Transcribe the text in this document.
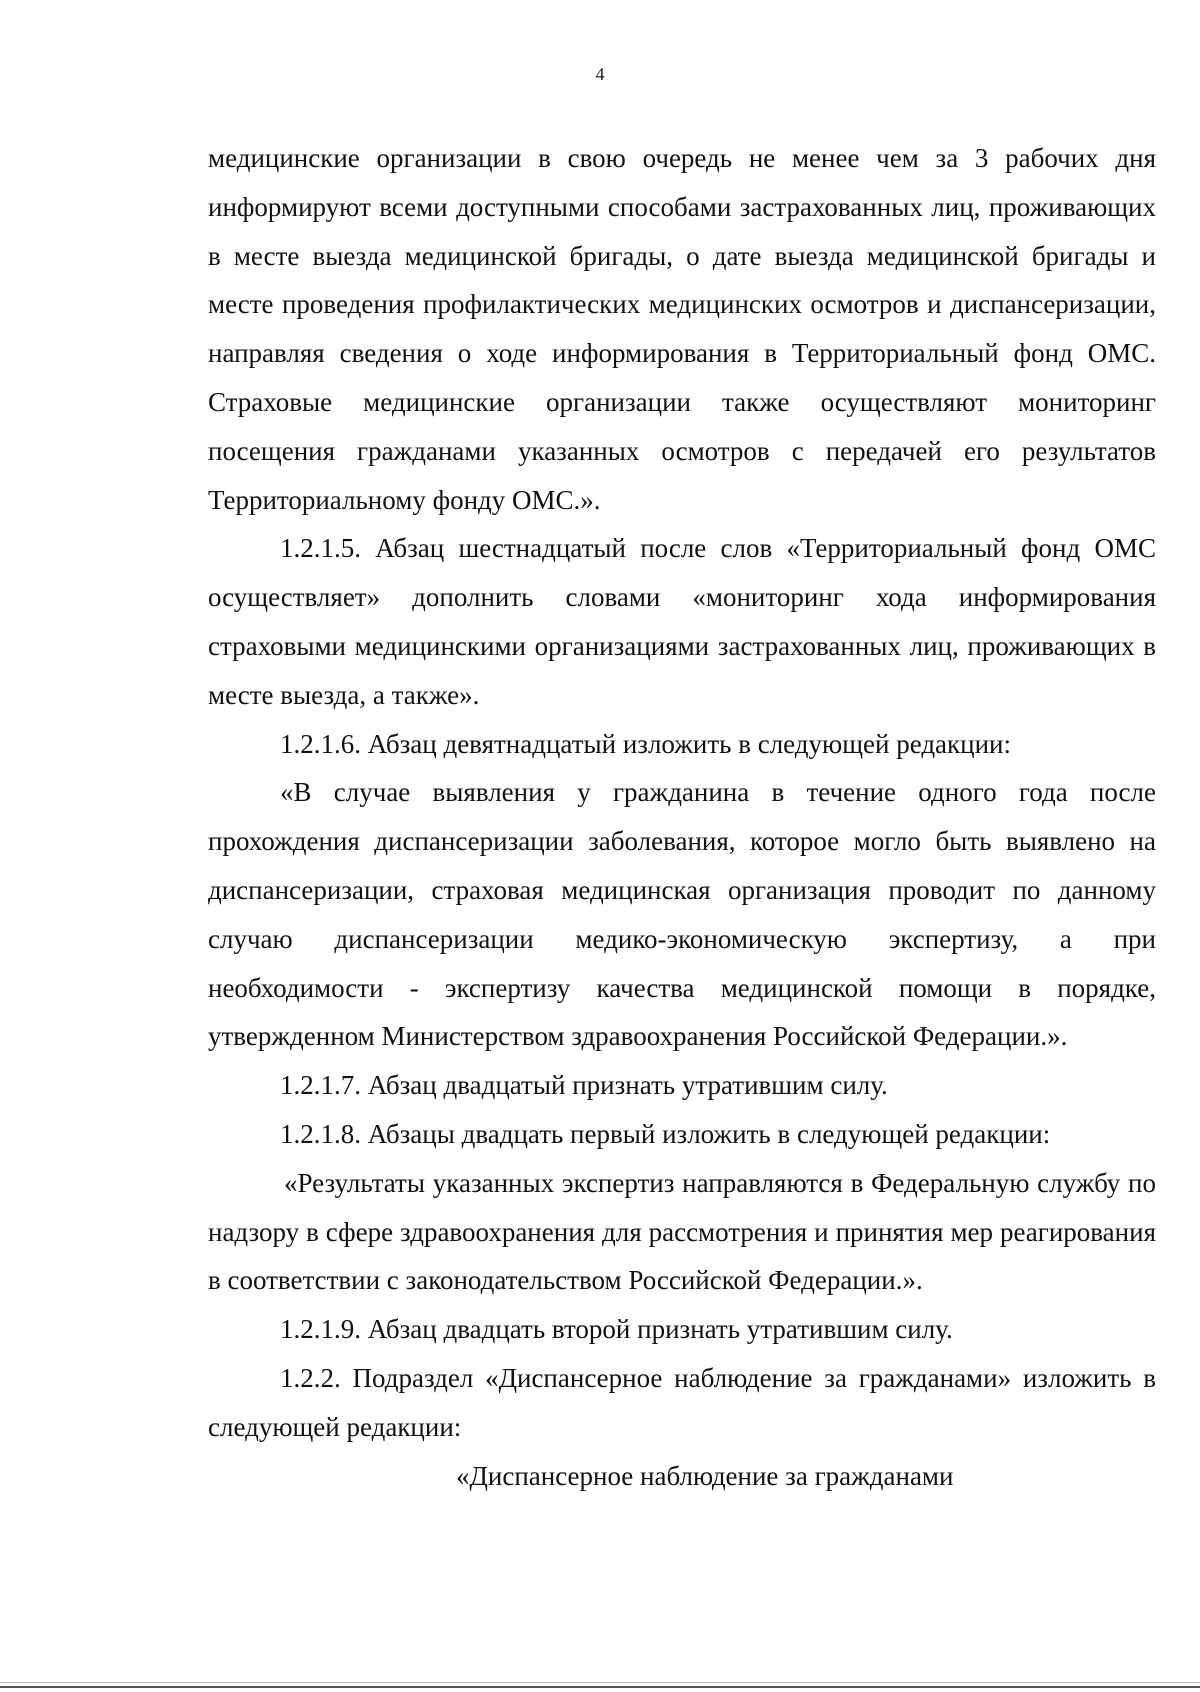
4

медицинские организации в свою очередь не менее чем за 3 рабочих дня информируют всеми доступными способами застрахованных лиц, проживающих в месте выезда медицинской бригады, о дате выезда медицинской бригады и месте проведения профилактических медицинских осмотров и диспансеризации, направляя сведения о ходе информирования в Территориальный фонд ОМС. Страховые медицинские организации также осуществляют мониторинг посещения гражданами указанных осмотров с передачей его результатов Территориальному фонду ОМС.».

1.2.1.5. Абзац шестнадцатый после слов «Территориальный фонд ОМС осуществляет» дополнить словами «мониторинг хода информирования страховыми медицинскими организациями застрахованных лиц, проживающих в месте выезда, а также».

1.2.1.6. Абзац девятнадцатый изложить в следующей редакции:

«В случае выявления у гражданина в течение одного года после прохождения диспансеризации заболевания, которое могло быть выявлено на диспансеризации, страховая медицинская организация проводит по данному случаю диспансеризации медико-экономическую экспертизу, а при необходимости - экспертизу качества медицинской помощи в порядке, утвержденном Министерством здравоохранения Российской Федерации.».

1.2.1.7. Абзац двадцатый признать утратившим силу.

1.2.1.8. Абзацы двадцать первый изложить в следующей редакции:

«Результаты указанных экспертиз направляются в Федеральную службу по надзору в сфере здравоохранения для рассмотрения и принятия мер реагирования в соответствии с законодательством Российской Федерации.».

1.2.1.9. Абзац двадцать второй признать утратившим силу.

1.2.2. Подраздел «Диспансерное наблюдение за гражданами» изложить в следующей редакции:

«Диспансерное наблюдение за гражданами
